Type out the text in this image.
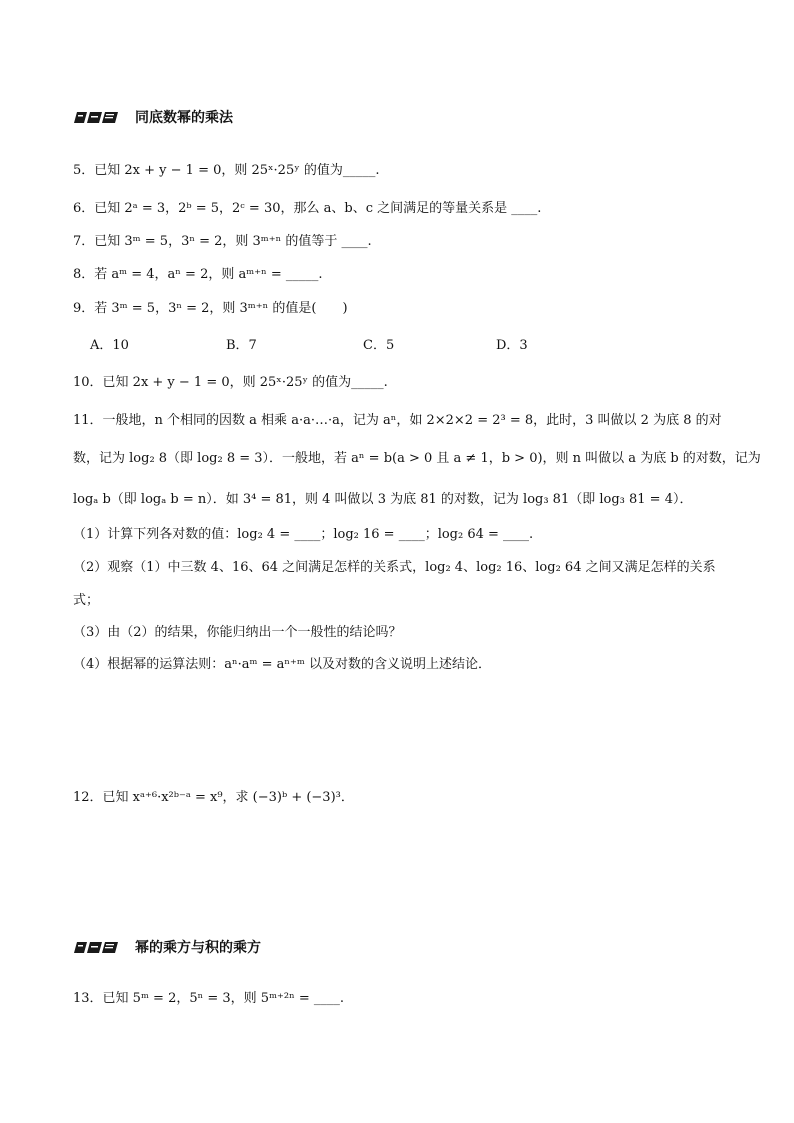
同底数幂的乘法
5．已知 2x + y − 1 = 0，则 25ˣ·25ʸ 的值为_____.
6．已知 2ᵃ = 3，2ᵇ = 5，2ᶜ = 30，那么 a、b、c 之间满足的等量关系是 ____.
7．已知 3ᵐ = 5，3ⁿ = 2，则 3ᵐ⁺ⁿ 的值等于 ____.
8．若 aᵐ = 4，aⁿ = 2，则 aᵐ⁺ⁿ = _____.
9．若 3ᵐ = 5，3ⁿ = 2，则 3ᵐ⁺ⁿ 的值是(　　)
A．10	B．7	C．5	D．3
10．已知 2x + y − 1 = 0，则 25ˣ·25ʸ 的值为_____.
11．一般地，n 个相同的因数 a 相乘 a·a·…·a，记为 aⁿ，如 2×2×2 = 2³ = 8，此时，3 叫做以 2 为底 8 的对
数，记为 log₂ 8（即 log₂ 8 = 3）．一般地，若 aⁿ = b(a > 0 且 a ≠ 1，b > 0)，则 n 叫做以 a 为底 b 的对数，记为
logₐ b（即 logₐ b = n）．如 3⁴ = 81，则 4 叫做以 3 为底 81 的对数，记为 log₃ 81（即 log₃ 81 = 4）．
（1）计算下列各对数的值：log₂ 4 = ____；log₂ 16 = ____；log₂ 64 = ____.
（2）观察（1）中三数 4、16、64 之间满足怎样的关系式，log₂ 4、log₂ 16、log₂ 64 之间又满足怎样的关系
式；
（3）由（2）的结果，你能归纳出一个一般性的结论吗？
（4）根据幂的运算法则：aⁿ·aᵐ = aⁿ⁺ᵐ 以及对数的含义说明上述结论．
12．已知 xᵃ⁺⁶·x²ᵇ⁻ᵃ = x⁹，求 (−3)ᵇ + (−3)³．
幂的乘方与积的乘方
13．已知 5ᵐ = 2，5ⁿ = 3，则 5ᵐ⁺²ⁿ = ____.
